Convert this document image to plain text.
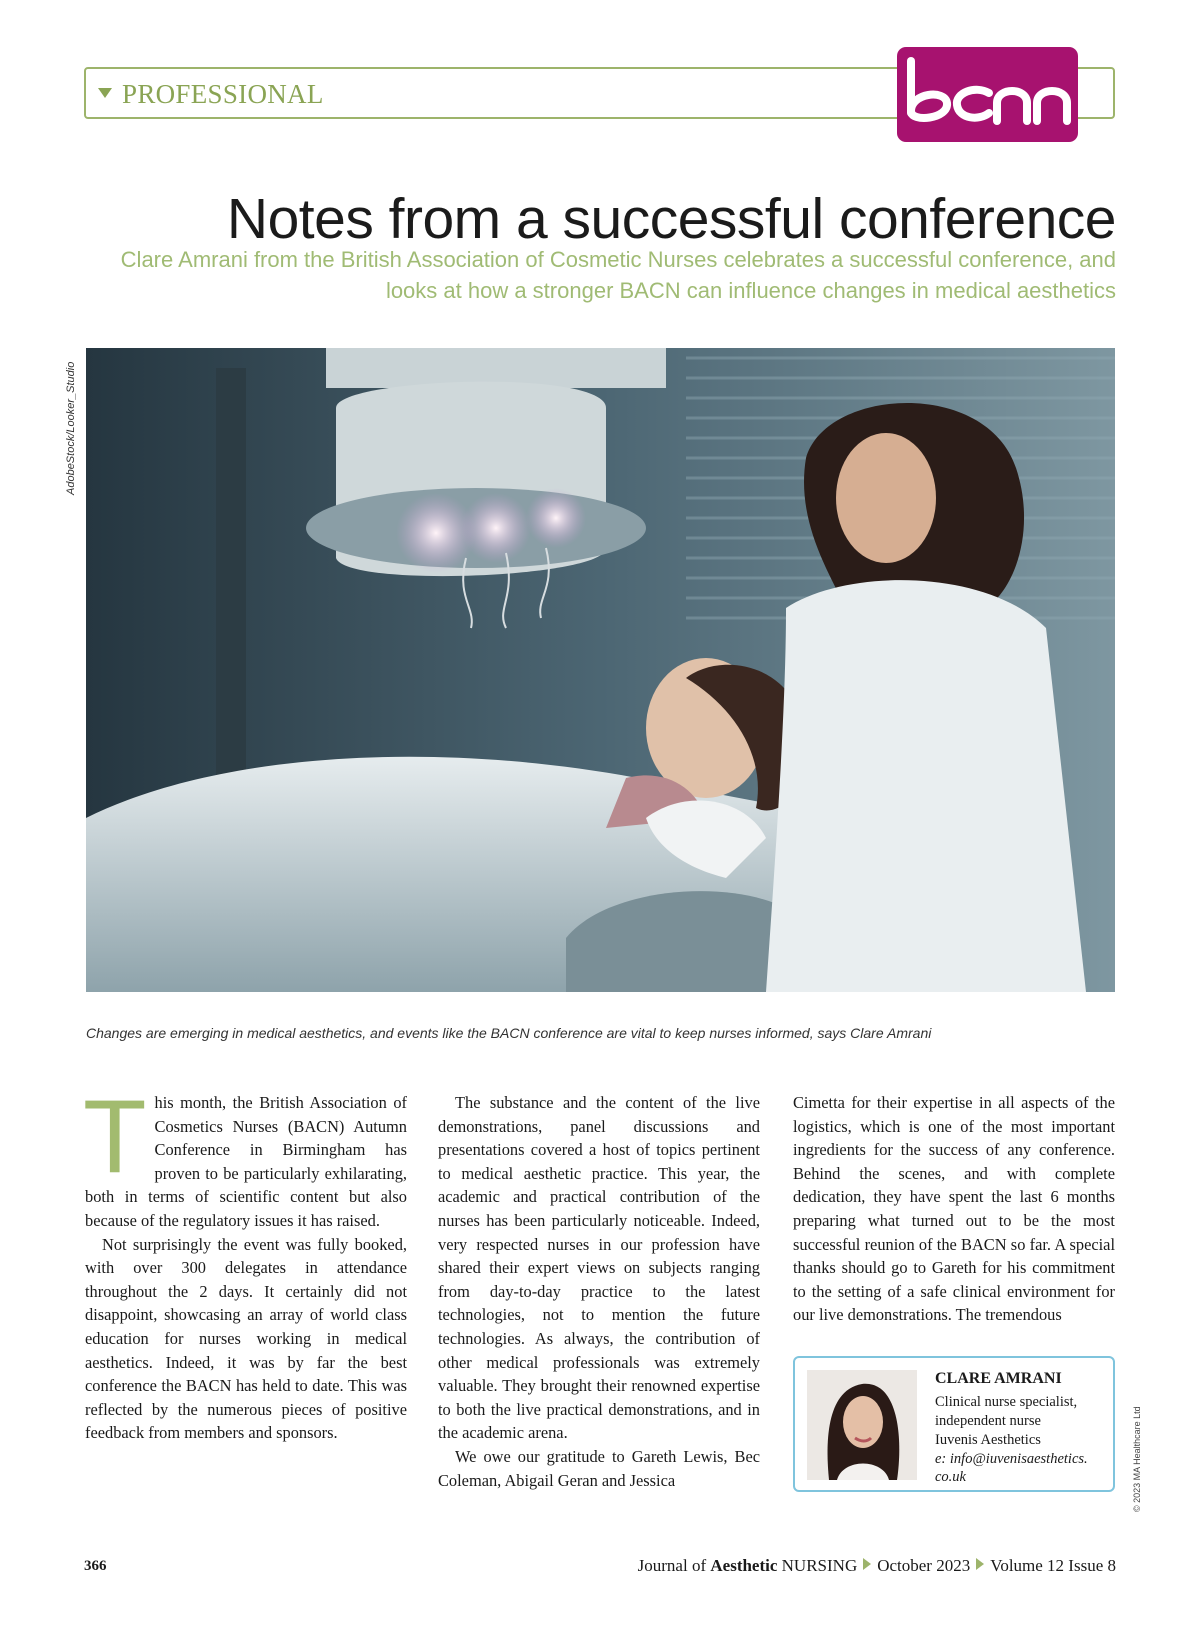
PROFESSIONAL
Notes from a successful conference
Clare Amrani from the British Association of Cosmetic Nurses celebrates a successful conference, and looks at how a stronger BACN can influence changes in medical aesthetics
AdobeStock/Looker_Studio
Changes are emerging in medical aesthetics, and events like the BACN conference are vital to keep nurses informed, says Clare Amrani

This month, the British Association of Cosmetics Nurses (BACN) Autumn Conference in Birmingham has proven to be particularly exhilarating, both in terms of scientific content but also because of the regulatory issues it has raised.

Not surprisingly the event was fully booked, with over 300 delegates in attendance throughout the 2 days. It certainly did not disappoint, showcasing an array of world class education for nurses working in medical aesthetics. Indeed, it was by far the best conference the BACN has held to date. This was reflected by the numerous pieces of positive feedback from members and sponsors.

The substance and the content of the live demonstrations, panel discussions and presentations covered a host of topics pertinent to medical aesthetic practice. This year, the academic and practical contribution of the nurses has been particularly noticeable. Indeed, very respected nurses in our profession have shared their expert views on subjects ranging from day-to-day practice to the latest technologies, not to mention the future technologies. As always, the contribution of other medical professionals was extremely valuable. They brought their renowned expertise to both the live practical demonstrations, and in the academic arena.

We owe our gratitude to Gareth Lewis, Bec Coleman, Abigail Geran and Jessica

Cimetta for their expertise in all aspects of the logistics, which is one of the most important ingredients for the success of any conference. Behind the scenes, and with complete dedication, they have spent the last 6 months preparing what turned out to be the most successful reunion of the BACN so far. A special thanks should go to Gareth for his commitment to the setting of a safe clinical environment for our live demonstrations. The tremendous

CLARE AMRANI
Clinical nurse specialist,
independent nurse
Iuvenis Aesthetics
e: info@iuvenisaesthetics.
co.uk	© 2023 MA Healthcare Ltd
366	Journal of Aesthetic NURSING October 2023 Volume 12 Issue 8
